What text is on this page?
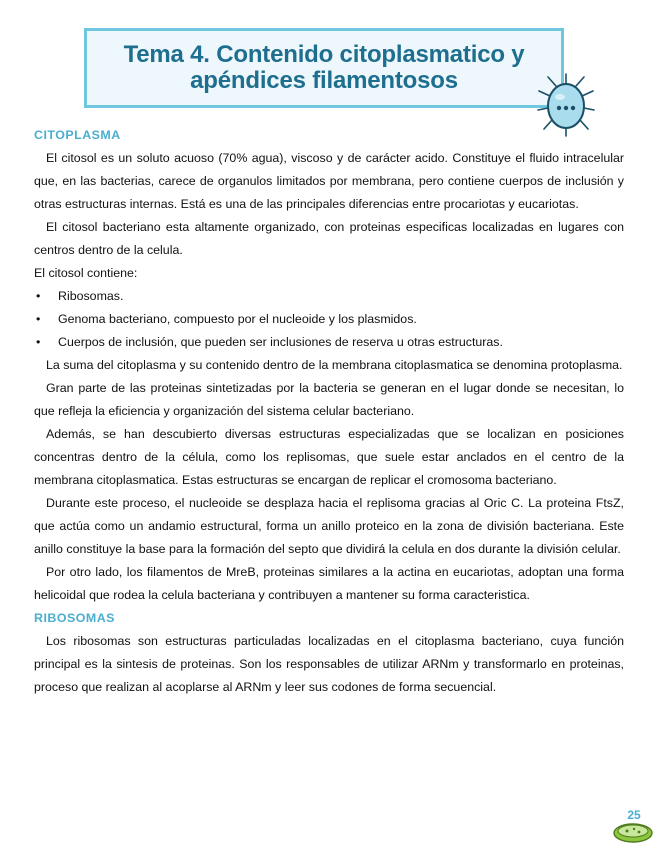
Tema 4. Contenido citoplasmatico y
apéndices filamentosos
CITOPLASMA

El citosol es un soluto acuoso (70% agua), viscoso y de carácter acido. Constituye el fluido intracelular que, en las bacterias, carece de organulos limitados por membrana, pero contiene cuerpos de inclusión y otras estructuras internas. Está es una de las principales diferencias entre procariotas y eucariotas.

El citosol bacteriano esta altamente organizado, con proteinas especificas localizadas en lugares con centros dentro de la celula.

El citosol contiene:

• Ribosomas.
• Genoma bacteriano, compuesto por el nucleoide y los plasmidos.
• Cuerpos de inclusión, que pueden ser inclusiones de reserva u otras estructuras.

La suma del citoplasma y su contenido dentro de la membrana citoplasmatica se denomina protoplasma.

Gran parte de las proteinas sintetizadas por la bacteria se generan en el lugar donde se necesitan, lo que refleja la eficiencia y organización del sistema celular bacteriano.

Además, se han descubierto diversas estructuras especializadas que se localizan en posiciones concentras dentro de la célula, como los replisomas, que suele estar anclados en el centro de la membrana citoplasmatica. Estas estructuras se encargan de replicar el cromosoma bacteriano.

Durante este proceso, el nucleoide se desplaza hacia el replisoma gracias al Oric C. La proteina FtsZ, que actúa como un andamio estructural, forma un anillo proteico en la zona de división bacteriana. Este anillo constituye la base para la formación del septo que dividirá la celula en dos durante la división celular.

Por otro lado, los filamentos de MreB, proteinas similares a la actina en eucariotas, adoptan una forma helicoidal que rodea la celula bacteriana y contribuyen a mantener su forma caracteristica.

RIBOSOMAS

Los ribosomas son estructuras particuladas localizadas en el citoplasma bacteriano, cuya función principal es la sintesis de proteinas. Son los responsables de utilizar ARNm y transformarlo en proteinas, proceso que realizan al acoplarse al ARNm y leer sus codones de forma secuencial.

25
